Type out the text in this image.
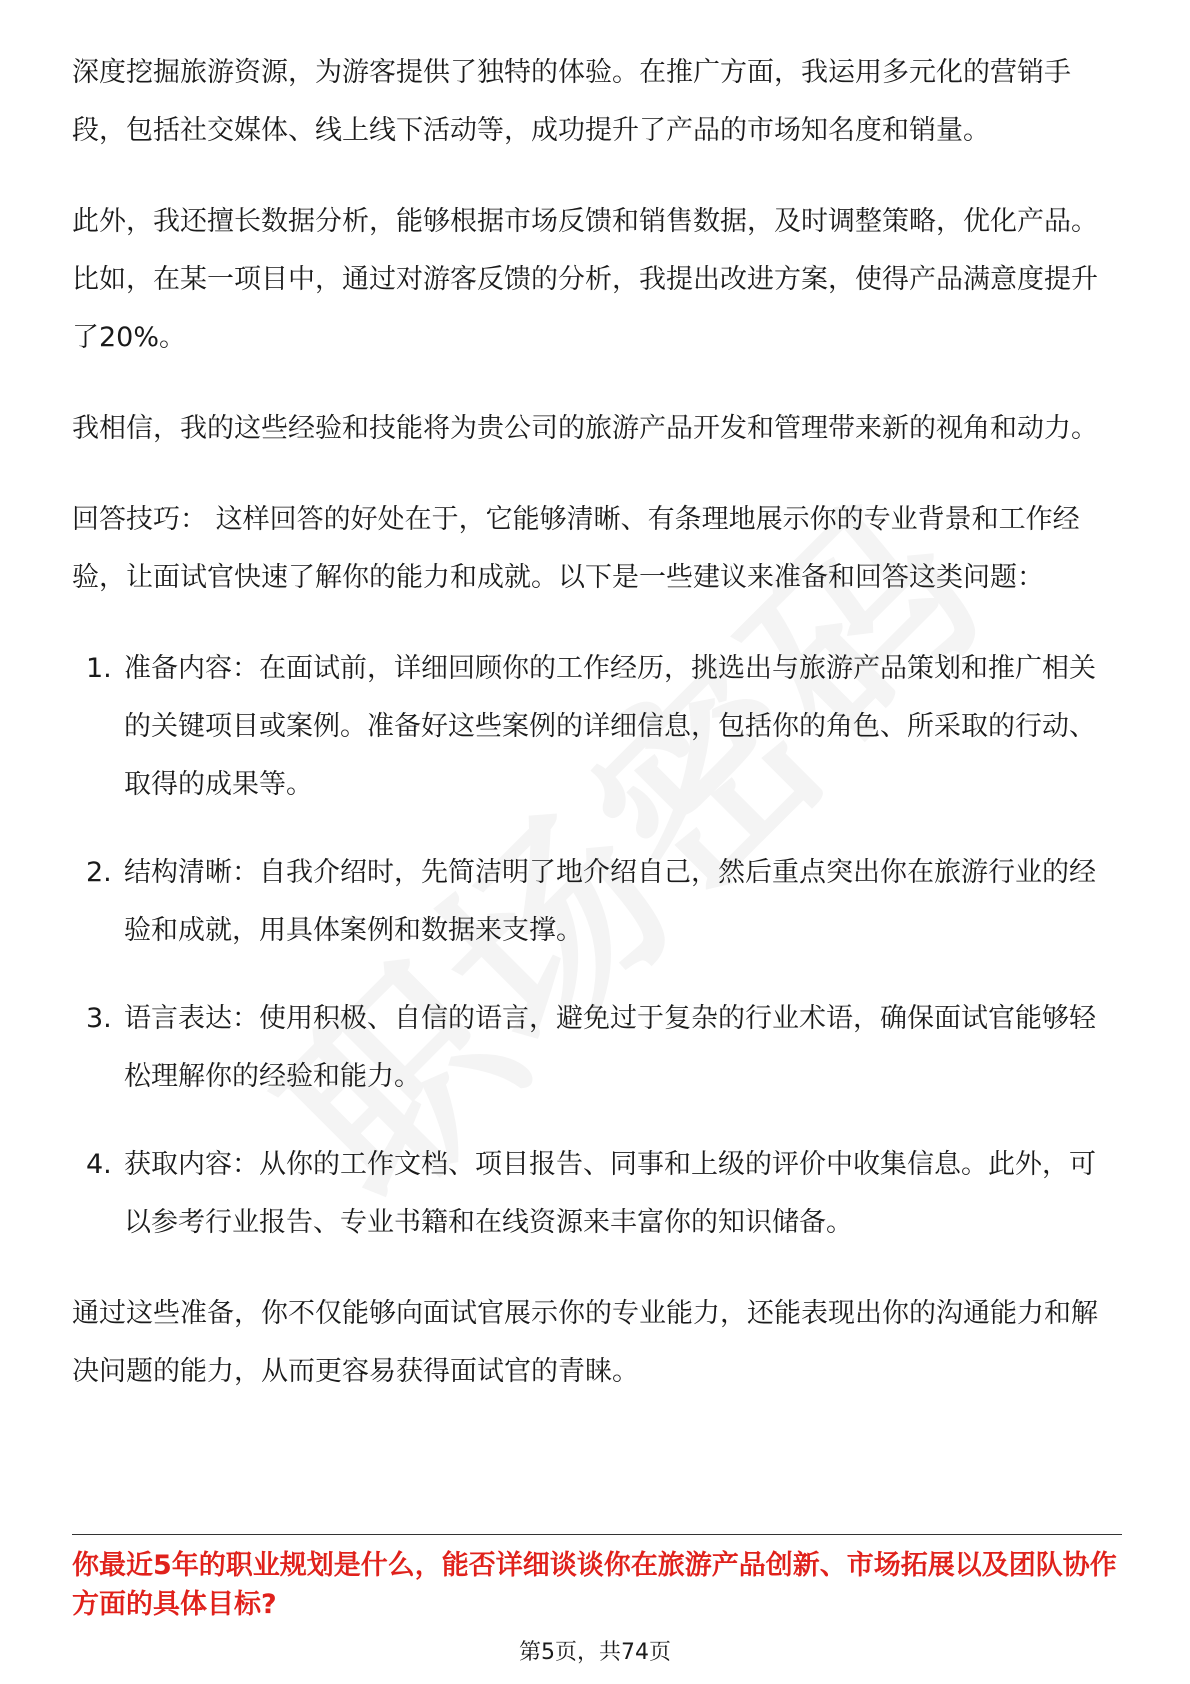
深度挖掘旅游资源，为游客提供了独特的体验。在推广方面，我运用多元化的营销手段，包括社交媒体、线上线下活动等，成功提升了产品的市场知名度和销量。

此外，我还擅长数据分析，能够根据市场反馈和销售数据，及时调整策略，优化产品。比如，在某一项目中，通过对游客反馈的分析，我提出改进方案，使得产品满意度提升了20%。

我相信，我的这些经验和技能将为贵公司的旅游产品开发和管理带来新的视角和动力。

回答技巧： 这样回答的好处在于，它能够清晰、有条理地展示你的专业背景和工作经验，让面试官快速了解你的能力和成就。以下是一些建议来准备和回答这类问题：

1. 准备内容：在面试前，详细回顾你的工作经历，挑选出与旅游产品策划和推广相关的关键项目或案例。准备好这些案例的详细信息，包括你的角色、所采取的行动、取得的成果等。
2. 结构清晰：自我介绍时，先简洁明了地介绍自己，然后重点突出你在旅游行业的经验和成就，用具体案例和数据来支撑。
3. 语言表达：使用积极、自信的语言，避免过于复杂的行业术语，确保面试官能够轻松理解你的经验和能力。
4. 获取内容：从你的工作文档、项目报告、同事和上级的评价中收集信息。此外，可以参考行业报告、专业书籍和在线资源来丰富你的知识储备。

通过这些准备，你不仅能够向面试官展示你的专业能力，还能表现出你的沟通能力和解决问题的能力，从而更容易获得面试官的青睐。

你最近5年的职业规划是什么，能否详细谈谈你在旅游产品创新、市场拓展以及团队协作方面的具体目标?
第5页，共74页
